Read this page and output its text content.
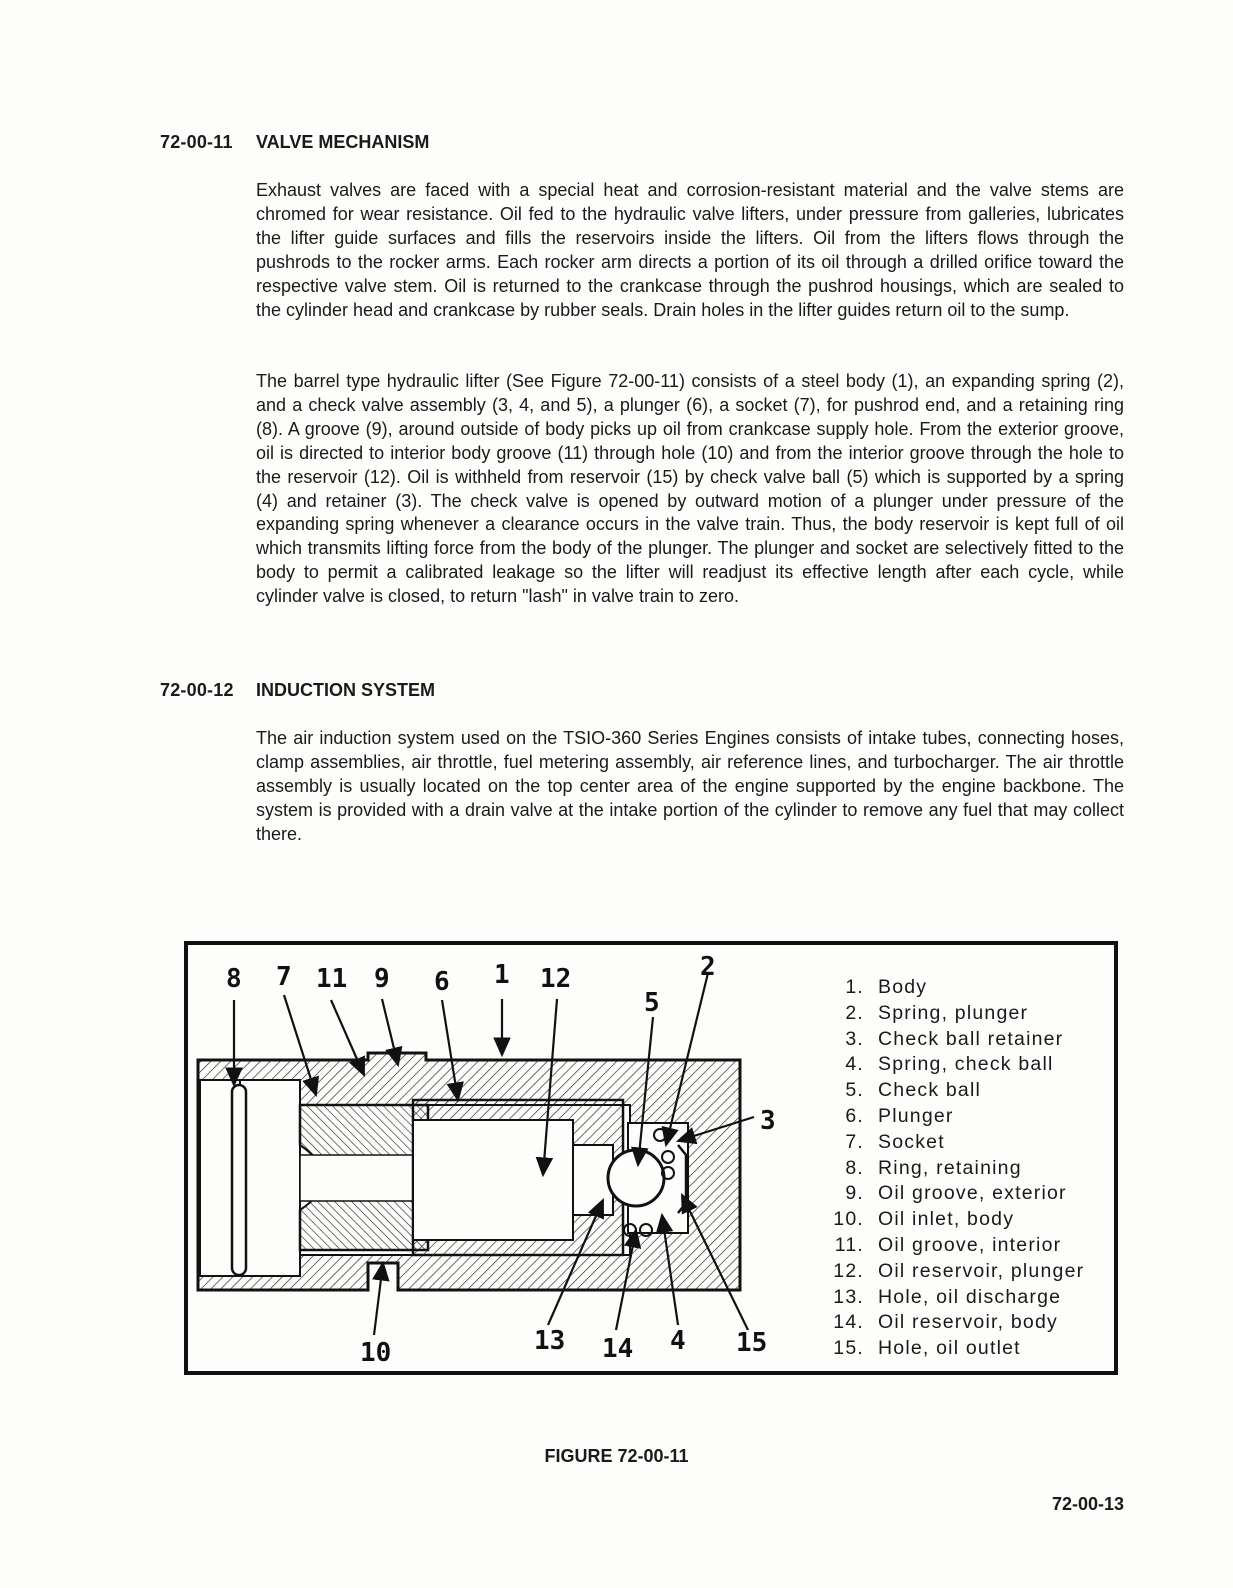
72-00-11 VALVE MECHANISM

Exhaust valves are faced with a special heat and corrosion-resistant material and the valve stems are chromed for wear resistance. Oil fed to the hydraulic valve lifters, under pressure from galleries, lubricates the lifter guide surfaces and fills the reservoirs inside the lifters. Oil from the lifters flows through the pushrods to the rocker arms. Each rocker arm directs a portion of its oil through a drilled orifice toward the respective valve stem. Oil is returned to the crankcase through the pushrod housings, which are sealed to the cylinder head and crankcase by rubber seals. Drain holes in the lifter guides return oil to the sump.

The barrel type hydraulic lifter (See Figure 72-00-11) consists of a steel body (1), an expanding spring (2), and a check valve assembly (3, 4, and 5), a plunger (6), a socket (7), for pushrod end, and a retaining ring (8). A groove (9), around outside of body picks up oil from crankcase supply hole. From the exterior groove, oil is directed to interior body groove (11) through hole (10) and from the interior groove through the hole to the reservoir (12). Oil is withheld from reservoir (15) by check valve ball (5) which is supported by a spring (4) and retainer (3). The check valve is opened by outward motion of a plunger under pressure of the expanding spring whenever a clearance occurs in the valve train. Thus, the body reservoir is kept full of oil which transmits lifting force from the body of the plunger. The plunger and socket are selectively fitted to the body to permit a calibrated leakage so the lifter will readjust its effective length after each cycle, while cylinder valve is closed, to return "lash" in valve train to zero.

72-00-12 INDUCTION SYSTEM

The air induction system used on the TSIO-360 Series Engines consists of intake tubes, connecting hoses, clamp assemblies, air throttle, fuel metering assembly, air reference lines, and turbocharger. The air throttle assembly is usually located on the top center area of the engine supported by the engine backbone. The system is provided with a drain valve at the intake portion of the cylinder to remove any fuel that may collect there.

8 7 11 9 6 1 12	2
5
3
10	13 14 4 15
1. Body
2. Spring, plunger
3. Check ball retainer
4. Spring, check ball
5. Check ball
6. Plunger
7. Socket
8. Ring, retaining
9. Oil groove, exterior
10. Oil inlet, body
11. Oil groove, interior
12. Oil reservoir, plunger
13. Hole, oil discharge
14. Oil reservoir, body
15. Hole, oil outlet
FIGURE 72-00-11
72-00-13
